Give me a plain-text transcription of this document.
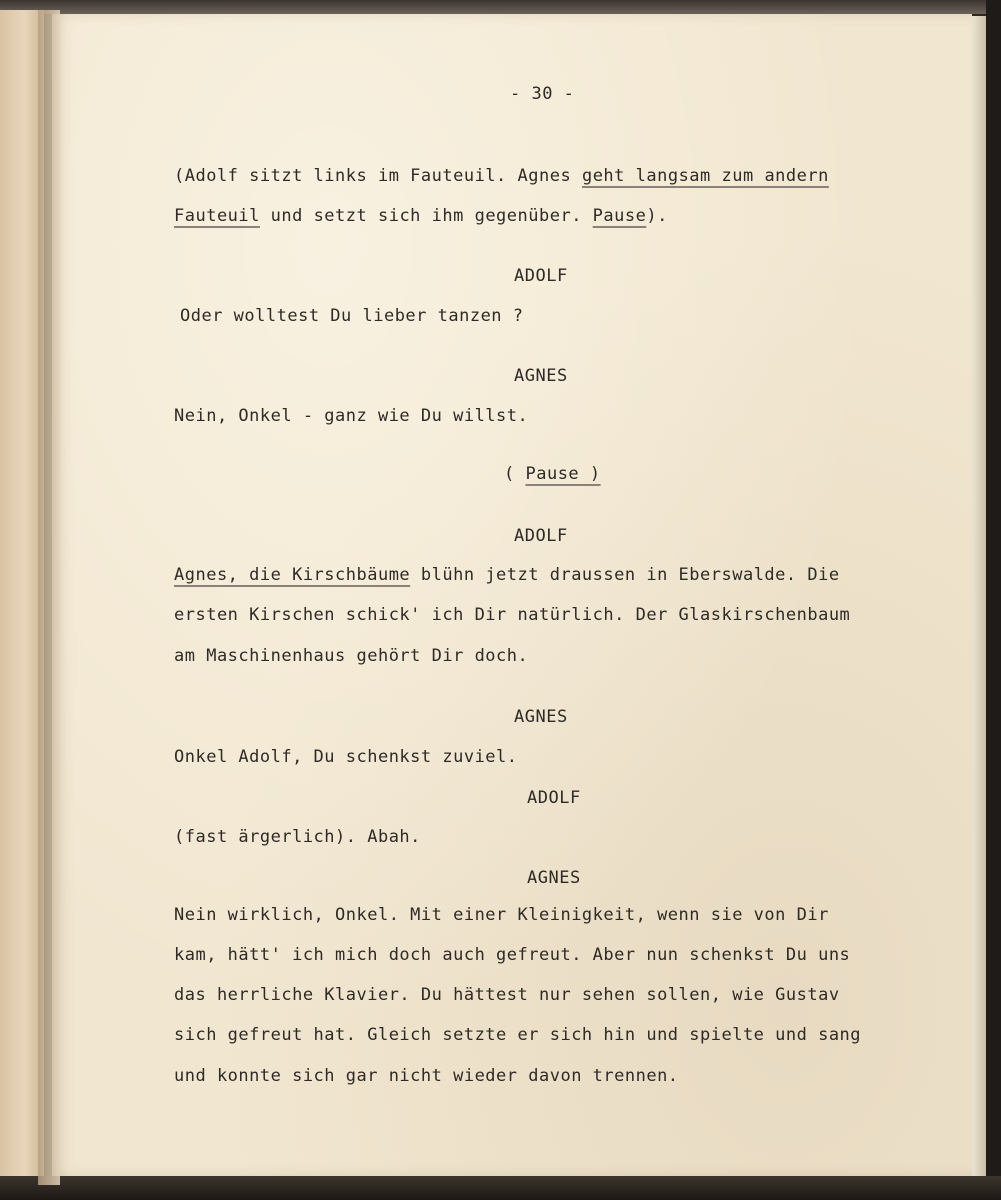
- 30 -
(Adolf sitzt links im Fauteuil. Agnes geht langsam zum andern
Fauteuil und setzt sich ihm gegenüber. Pause).
ADOLF
Oder wolltest Du lieber tanzen ?
AGNES
Nein, Onkel - ganz wie Du willst.
( Pause )
ADOLF
Agnes, die Kirschbäume blühn jetzt draussen in Eberswalde. Die
ersten Kirschen schick' ich Dir natürlich. Der Glaskirschenbaum
am Maschinenhaus gehört Dir doch.
AGNES
Onkel Adolf, Du schenkst zuviel.
ADOLF
(fast ärgerlich). Abah.
AGNES
Nein wirklich, Onkel. Mit einer Kleinigkeit, wenn sie von Dir
kam, hätt' ich mich doch auch gefreut. Aber nun schenkst Du uns
das herrliche Klavier. Du hättest nur sehen sollen, wie Gustav
sich gefreut hat. Gleich setzte er sich hin und spielte und sang
und konnte sich gar nicht wieder davon trennen.
